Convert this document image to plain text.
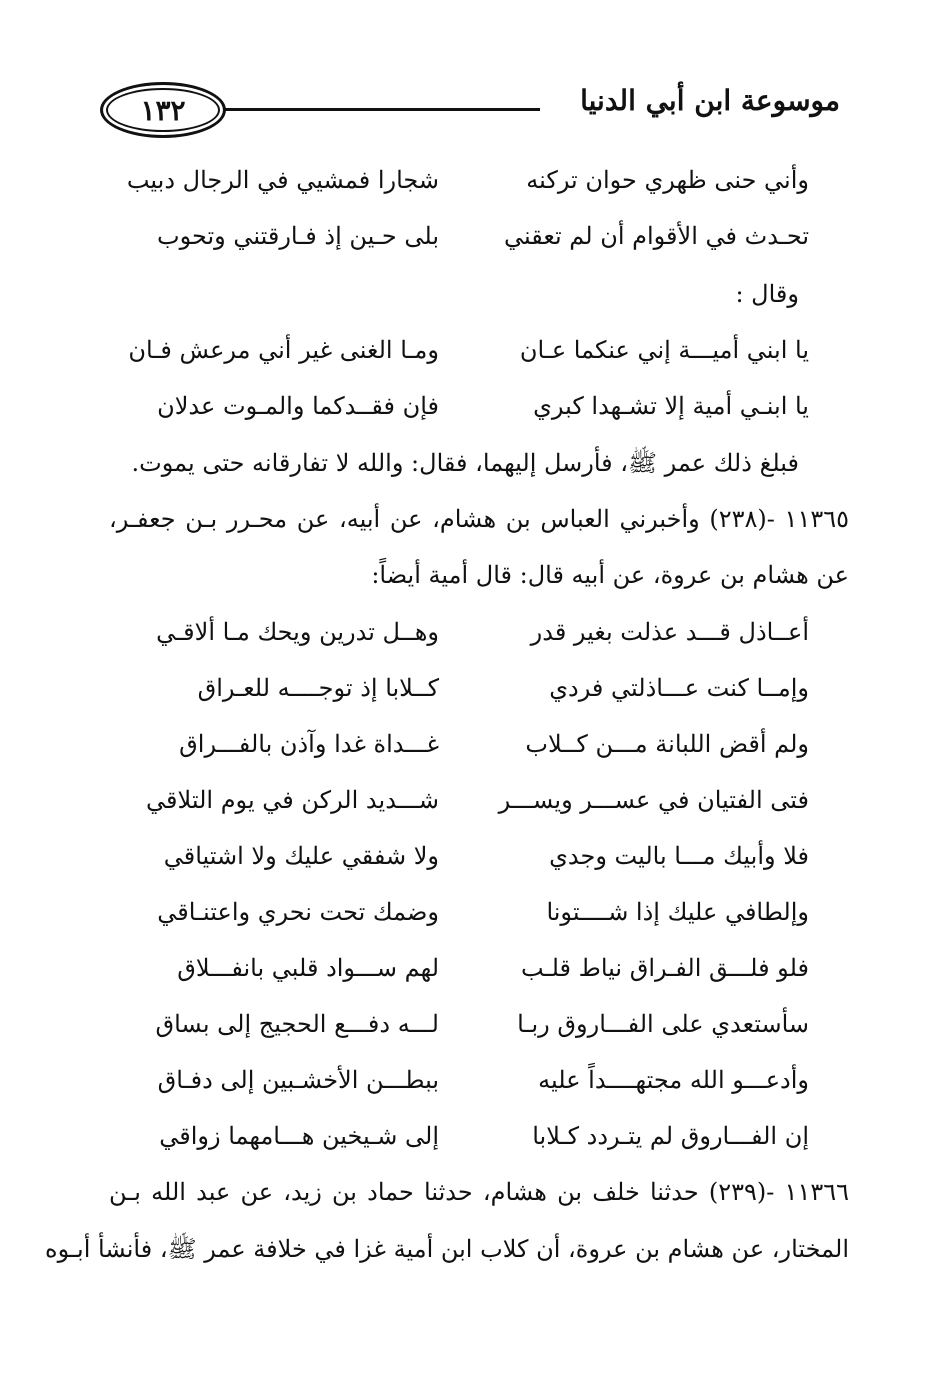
١٣٢	موسوعة ابن أبي الدنيا
وأني حنى ظهري حوان تركنه
شجارا فمشيي في الرجال دبيب
تحـدث في الأقوام أن لم تعقني
بلى حـين إذ فـارقتني وتحوب
وقال :
يا ابني أميـــة إني عنكما عـان
ومـا الغنى غير أني مرعش فـان
يا ابنـي أمية إلا تشـهدا كبري
فإن فقــدكما والمـوت عدلان
فبلغ ذلك عمر ﷺ، فأرسل إليهما، فقال: والله لا تفارقانه حتى يموت.
١١٣٦٥ -(٢٣٨) وأخبرني العباس بن هشام، عن أبيه، عن محـرر بـن جعفـر،
عن هشام بن عروة، عن أبيه قال: قال أمية أيضاً:
أعــاذل قـــد عذلت بغير قدر
وهــل تدرين ويحك مـا ألاقـي
وإمــا كنت عـــاذلتي فردي
كــلابا إذ توجــــه للعـراق
ولم أقض اللبانة مـــن كــلاب
غـــداة غدا وآذن بالفـــراق
فتى الفتيان في عســـر ويســـر
شـــديد الركن في يوم التلاقي
فلا وأبيك مـــا باليت وجدي
ولا شفقي عليك ولا اشتياقي
وإلطافي عليك إذا شــــتونا
وضمك تحت نحري واعتنـاقي
فلو فلـــق الفـراق نياط قلـب
لهم ســـواد قلبي بانفـــلاق
سأستعدي على الفـــاروق ربـا
لـــه دفـــع الحجيج إلى بساق
وأدعـــو الله مجتهــــداً عليه
ببطـــن الأخشـبين إلى دفـاق
إن الفـــاروق لم يتـردد كـلابا
إلى شـيخين هـــامهما زواقي
١١٣٦٦ -(٢٣٩) حدثنا خلف بن هشام، حدثنا حماد بن زيد، عن عبد الله بـن
المختار، عن هشام بن عروة، أن كلاب ابن أمية غزا في خلافة عمر ﷺ، فأنشأ أبـوه
